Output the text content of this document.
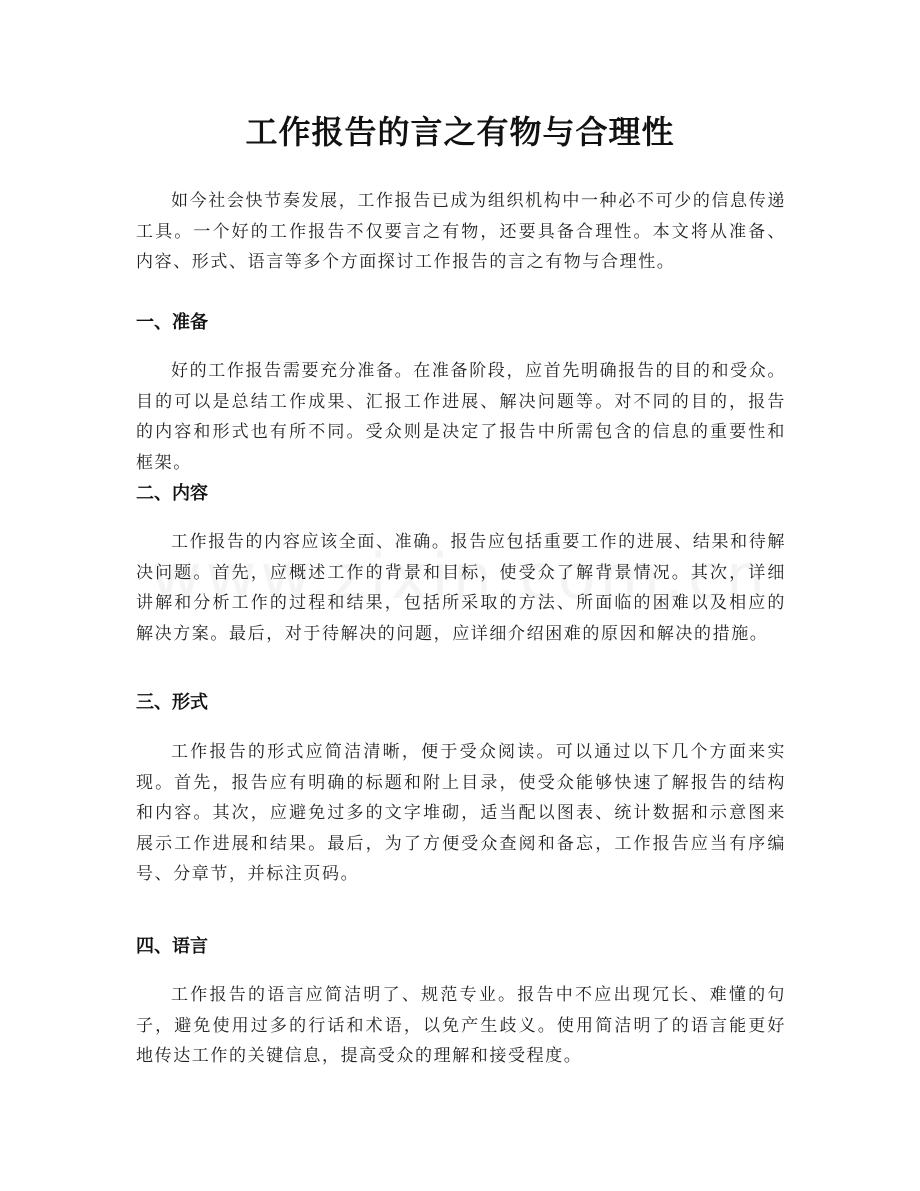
工作报告的言之有物与合理性
如今社会快节奏发展，工作报告已成为组织机构中一种必不可少的信息传递工具。一个好的工作报告不仅要言之有物，还要具备合理性。本文将从准备、内容、形式、语言等多个方面探讨工作报告的言之有物与合理性。
一、准备
好的工作报告需要充分准备。在准备阶段，应首先明确报告的目的和受众。目的可以是总结工作成果、汇报工作进展、解决问题等。对不同的目的，报告的内容和形式也有所不同。受众则是决定了报告中所需包含的信息的重要性和框架。
二、内容
工作报告的内容应该全面、准确。报告应包括重要工作的进展、结果和待解决问题。首先，应概述工作的背景和目标，使受众了解背景情况。其次，详细讲解和分析工作的过程和结果，包括所采取的方法、所面临的困难以及相应的解决方案。最后，对于待解决的问题，应详细介绍困难的原因和解决的措施。
三、形式
工作报告的形式应简洁清晰，便于受众阅读。可以通过以下几个方面来实现。首先，报告应有明确的标题和附上目录，使受众能够快速了解报告的结构和内容。其次，应避免过多的文字堆砌，适当配以图表、统计数据和示意图来展示工作进展和结果。最后，为了方便受众查阅和备忘，工作报告应当有序编号、分章节，并标注页码。
四、语言
工作报告的语言应简洁明了、规范专业。报告中不应出现冗长、难懂的句子，避免使用过多的行话和术语，以免产生歧义。使用简洁明了的语言能更好地传达工作的关键信息，提高受众的理解和接受程度。
